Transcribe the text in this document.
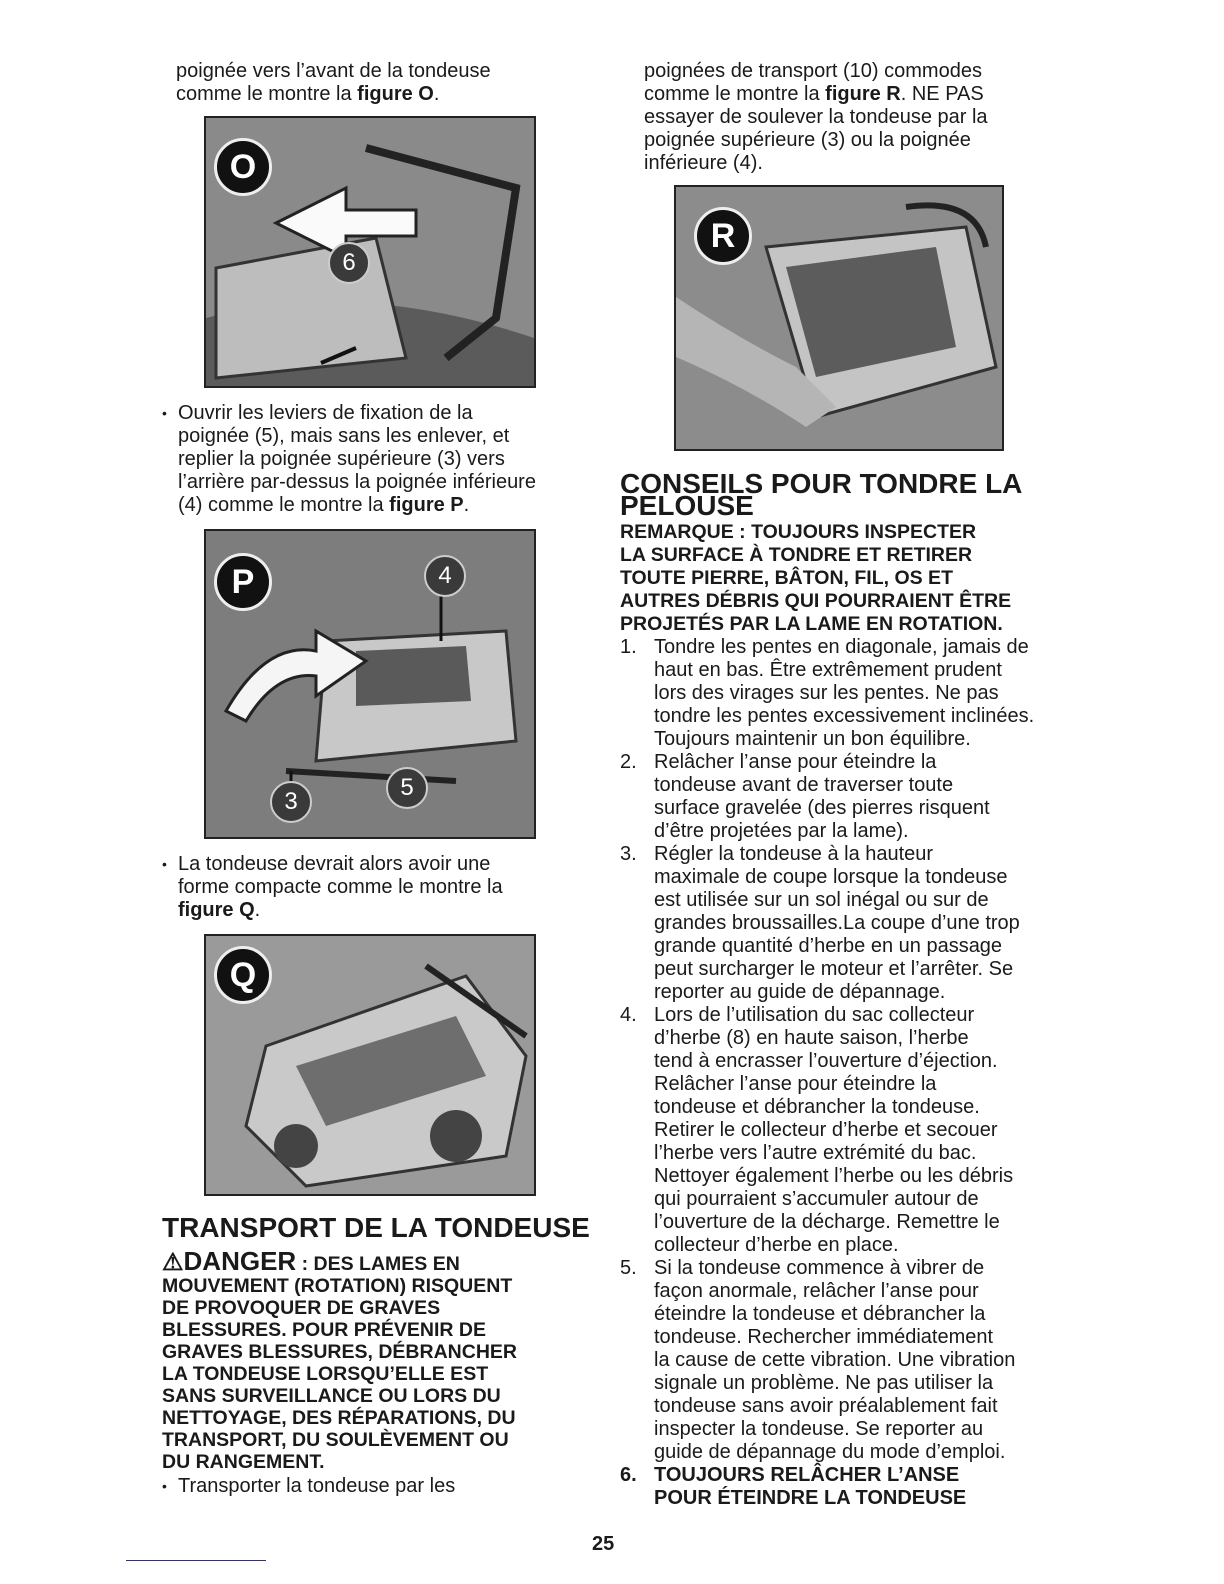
poignée vers l’avant de la tondeuse
comme le montre la figure O.

O
6

• Ouvrir les leviers de fixation de la
poignée (5), mais sans les enlever, et
replier la poignée supérieure (3) vers
l’arrière par-dessus la poignée inférieure
(4) comme le montre la figure P.

P	4
3
5

• La tondeuse devrait alors avoir une
forme compacte comme le montre la
figure Q.

Q

TRANSPORT DE LA TONDEUSE

⚠DANGER : DES LAMES EN
MOUVEMENT (ROTATION) RISQUENT
DE PROVOQUER DE GRAVES
BLESSURES. POUR PRÉVENIR DE
GRAVES BLESSURES, DÉBRANCHER
LA TONDEUSE LORSQU’ELLE EST
SANS SURVEILLANCE OU LORS DU
NETTOYAGE, DES RÉPARATIONS, DU
TRANSPORT, DU SOULÈVEMENT OU
DU RANGEMENT.

• Transporter la tondeuse par les

poignées de transport (10) commodes
comme le montre la figure R. NE PAS
essayer de soulever la tondeuse par la
poignée supérieure (3) ou la poignée
inférieure (4).

R

CONSEILS POUR TONDRE LA
PELOUSE

REMARQUE : TOUJOURS INSPECTER
LA SURFACE À TONDRE ET RETIRER
TOUTE PIERRE, BÂTON, FIL, OS ET
AUTRES DÉBRIS QUI POURRAIENT ÊTRE
PROJETÉS PAR LA LAME EN ROTATION.
1. Tondre les pentes en diagonale, jamais de
haut en bas. Être extrêmement prudent
lors des virages sur les pentes. Ne pas
tondre les pentes excessivement inclinées.
Toujours maintenir un bon équilibre.
2. Relâcher l’anse pour éteindre la
tondeuse avant de traverser toute
surface gravelée (des pierres risquent
d’être projetées par la lame).
3. Régler la tondeuse à la hauteur
maximale de coupe lorsque la tondeuse
est utilisée sur un sol inégal ou sur de
grandes broussailles.La coupe d’une trop
grande quantité d’herbe en un passage
peut surcharger le moteur et l’arrêter. Se
reporter au guide de dépannage.
4. Lors de l’utilisation du sac collecteur
d’herbe (8) en haute saison, l’herbe
tend à encrasser l’ouverture d’éjection.
Relâcher l’anse pour éteindre la
tondeuse et débrancher la tondeuse.
Retirer le collecteur d’herbe et secouer
l’herbe vers l’autre extrémité du bac.
Nettoyer également l’herbe ou les débris
qui pourraient s’accumuler autour de
l’ouverture de la décharge. Remettre le
collecteur d’herbe en place.
5. Si la tondeuse commence à vibrer de
façon anormale, relâcher l’anse pour
éteindre la tondeuse et débrancher la
tondeuse. Rechercher immédiatement
la cause de cette vibration. Une vibration
signale un problème. Ne pas utiliser la
tondeuse sans avoir préalablement fait
inspecter la tondeuse. Se reporter au
guide de dépannage du mode d’emploi.
6. TOUJOURS RELÂCHER L’ANSE
POUR ÉTEINDRE LA TONDEUSE
25
